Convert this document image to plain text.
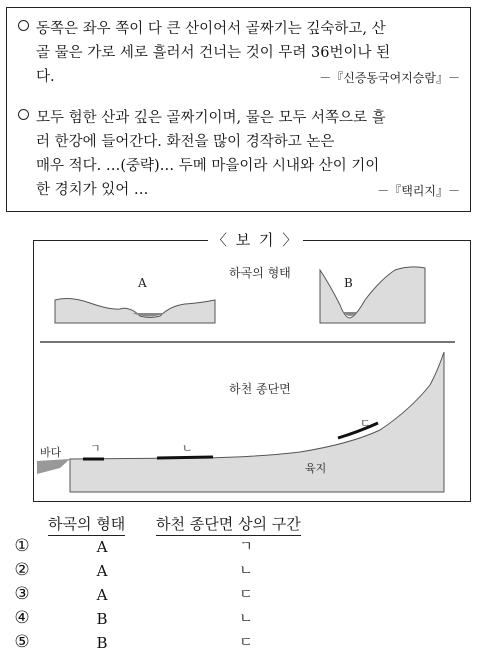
동쪽은 좌우 쪽이 다 큰 산이어서 골짜기는 깊숙하고, 산
골 물은 가로 세로 흘러서 건너는 것이 무려 36번이나 된
다.	－『신증동국여지승람』－
모두 험한 산과 깊은 골짜기이며, 물은 모두 서쪽으로 흘
러 한강에 들어간다. 화전을 많이 경작하고 논은
매우 적다. …(중략)… 두메 마을이라 시내와 산이 기이
한 경치가 있어 …	－『택리지』－
〈 보 기 〉
하곡의 형태
A	B
하천 종단면
바다
육지
ㄱ	ㄴ
ㄷ
하곡의 형태 하천 종단면 상의 구간
①	A	ㄱ
②	A	ㄴ
③	A	ㄷ
④	B	ㄴ
⑤	B	ㄷ
